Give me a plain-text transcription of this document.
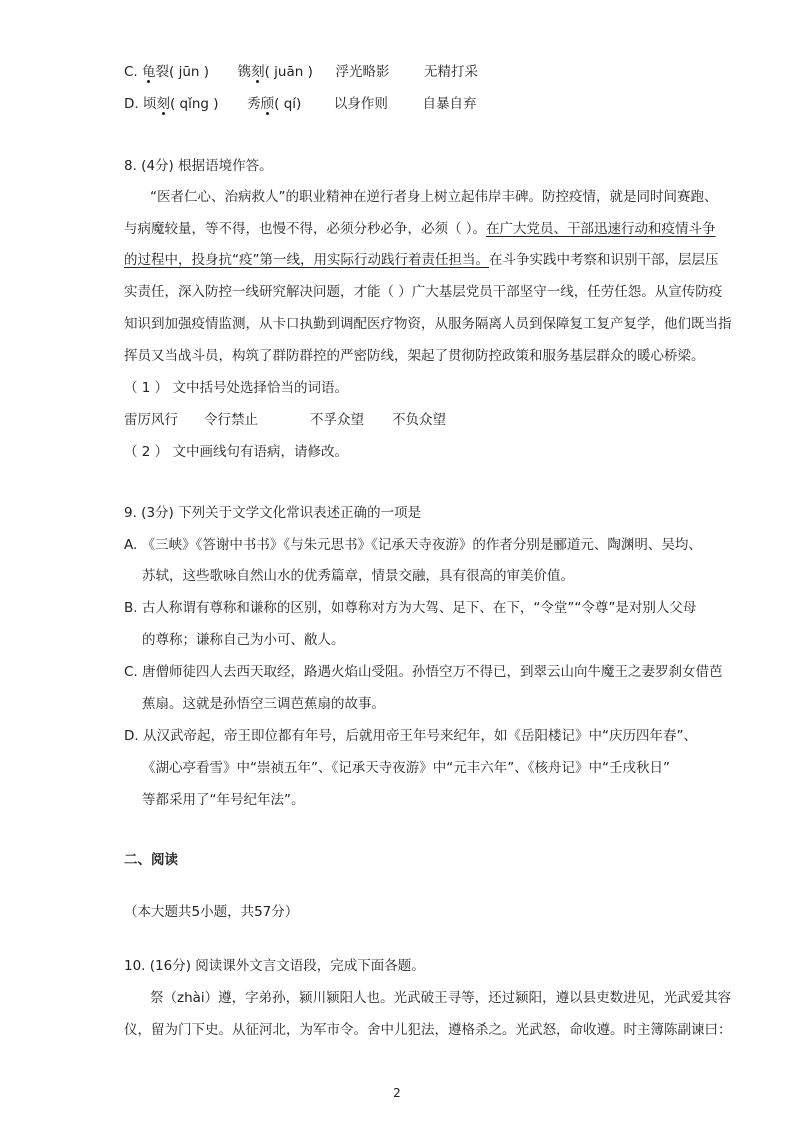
C. 龟裂( jūn ) 镌刻( juān ) 浮光略影	无精打采
D. 顷刻( qǐng ) 秀颀( qí) 以身作则	自暴自弃
8. (4分) 根据语境作答。
“医者仁心、治病救人”的职业精神在逆行者身上树立起伟岸丰碑。防控疫情，就是同时间赛跑、
与病魔较量，等不得，也慢不得，必须分秒必争，必须（ ）。在广大党员、干部迅速行动和疫情斗争
的过程中，投身抗“疫”第一线，用实际行动践行着责任担当。在斗争实践中考察和识别干部，层层压
实责任，深入防控一线研究解决问题，才能（ ）广大基层党员干部坚守一线，任劳任怨。从宣传防疫
知识到加强疫情监测，从卡口执勤到调配医疗物资，从服务隔离人员到保障复工复产复学，他们既当指
挥员又当战斗员，构筑了群防群控的严密防线，架起了贯彻防控政策和服务基层群众的暖心桥梁。
（ 1 ） 文中括号处选择恰当的词语。
雷厉风行 令行禁止	不孚众望 不负众望
（ 2 ） 文中画线句有语病，请修改。
9. (3分) 下列关于文学文化常识表述正确的一项是
A. 《三峡》《答谢中书书》《与朱元思书》《记承天寺夜游》的作者分别是郦道元、陶渊明、吴均、
苏轼，这些歌咏自然山水的优秀篇章，情景交融，具有很高的审美价值。
B. 古人称谓有尊称和谦称的区别，如尊称对方为大驾、足下、在下，“令堂”“令尊”是对别人父母
的尊称；谦称自己为小可、敝人。
C. 唐僧师徒四人去西天取经，路遇火焰山受阻。孙悟空万不得已，到翠云山向牛魔王之妻罗刹女借芭
蕉扇。这就是孙悟空三调芭蕉扇的故事。
D. 从汉武帝起，帝王即位都有年号，后就用帝王年号来纪年，如《岳阳楼记》中“庆历四年春”、
《湖心亭看雪》中“崇祯五年”、《记承天寺夜游》中“元丰六年”、《核舟记》中“壬戌秋日”
等都采用了“年号纪年法”。
二、阅读
（本大题共5小题，共57分）
10. (16分) 阅读课外文言文语段，完成下面各题。
祭（zhài）遵，字弟孙，颍川颍阳人也。光武破王寻等，还过颍阳，遵以县吏数进见，光武爱其容
仪，留为门下史。从征河北，为军市令。舍中儿犯法，遵格杀之。光武怒，命收遵。时主簿陈副谏曰：
2
